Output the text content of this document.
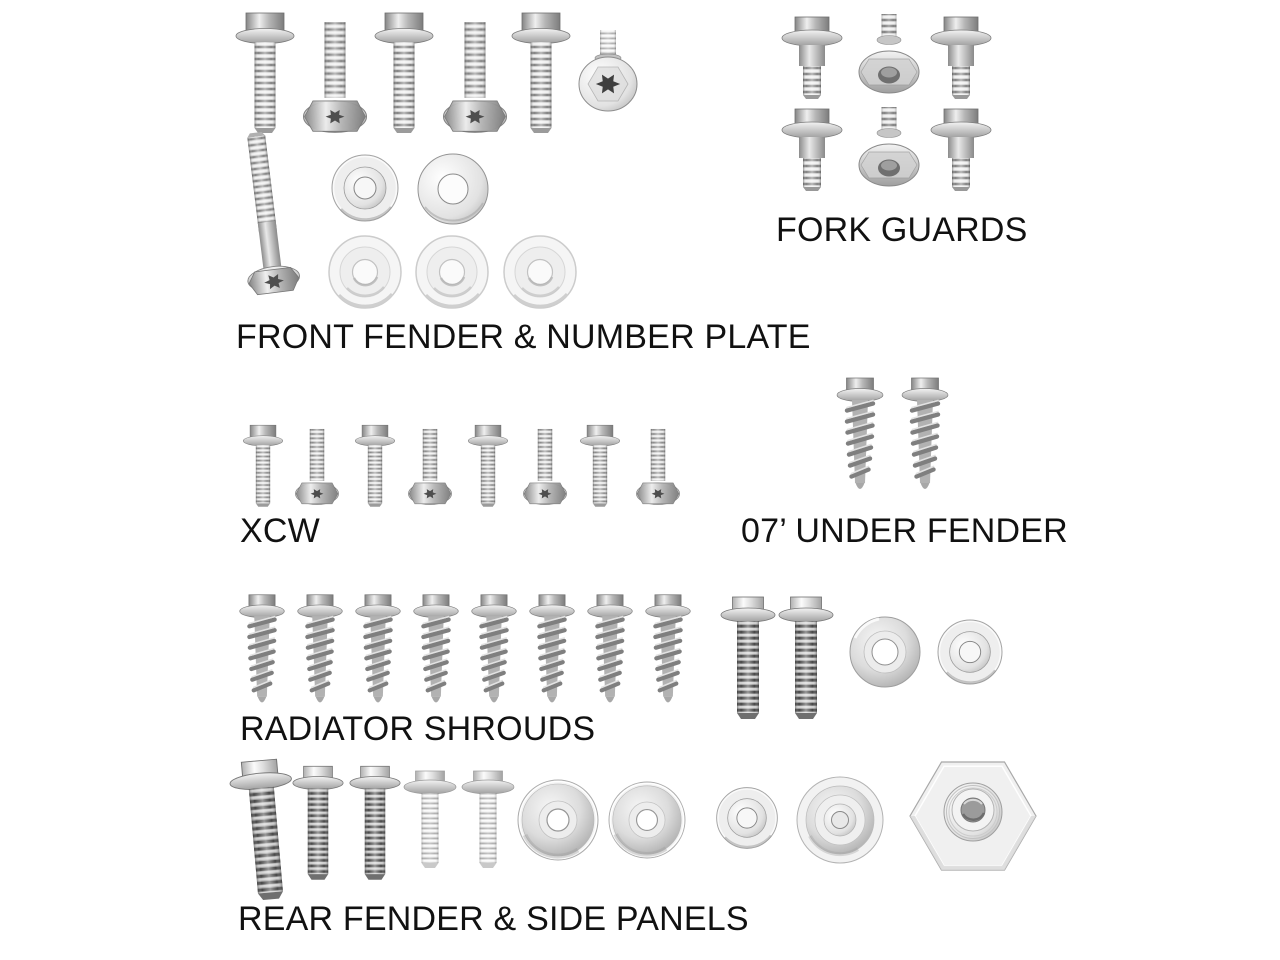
FRONT FENDER & NUMBER PLATE
FORK GUARDS
XCW	07’ UNDER FENDER
RADIATOR SHROUDS
REAR FENDER & SIDE PANELS
